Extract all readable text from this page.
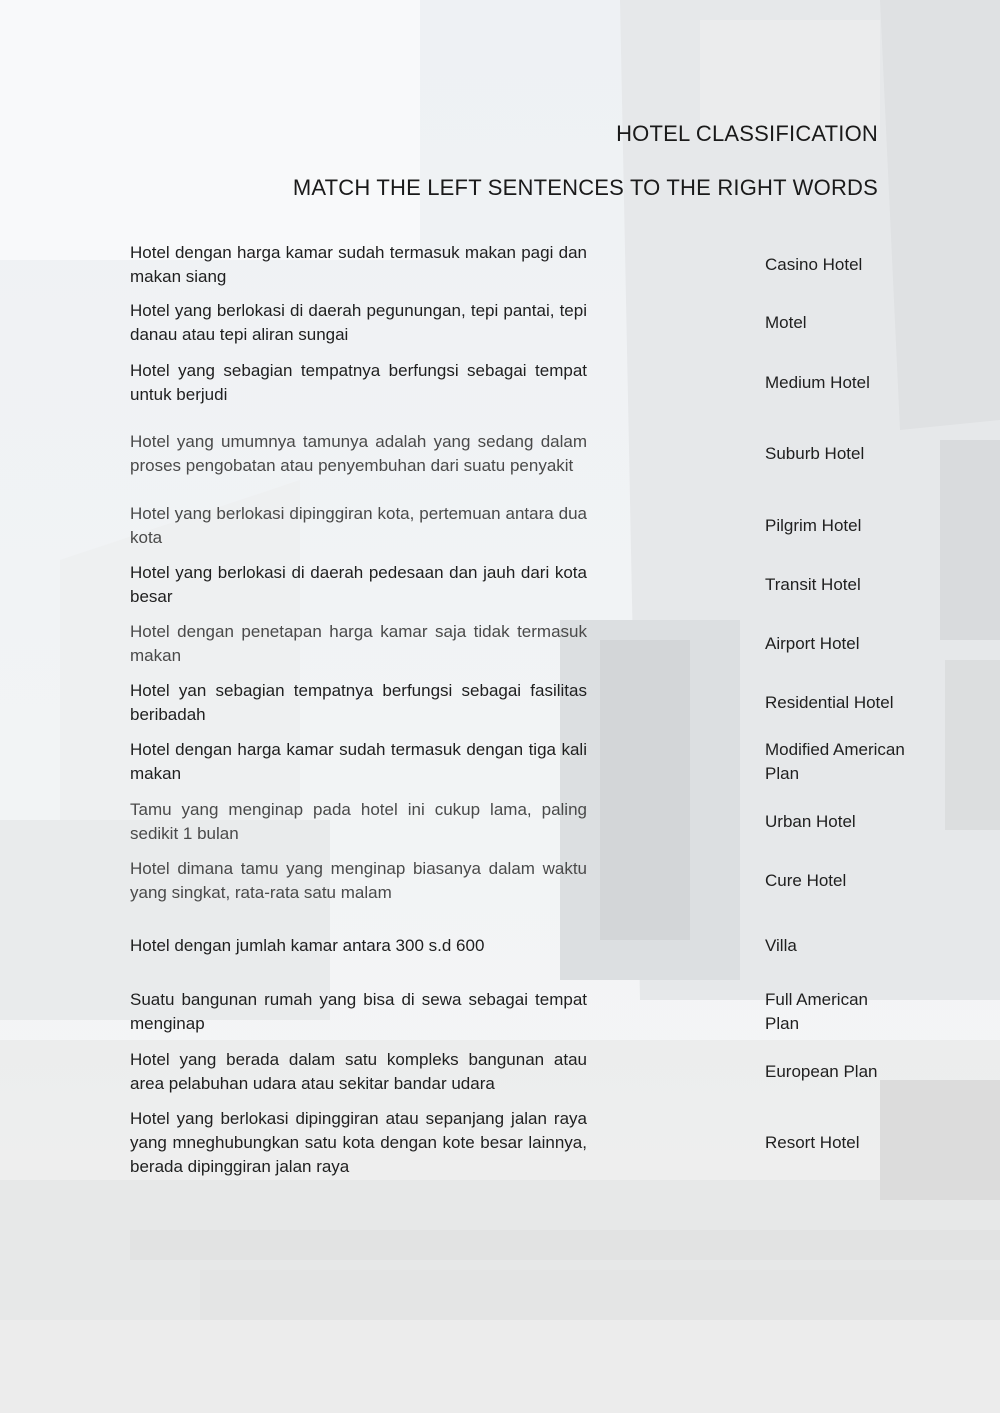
HOTEL CLASSIFICATION
MATCH THE LEFT SENTENCES TO THE RIGHT WORDS
Hotel dengan harga kamar sudah termasuk makan pagi dan makan siang
Casino Hotel
Hotel yang berlokasi di daerah pegunungan, tepi pantai, tepi danau atau tepi aliran sungai
Motel
Hotel yang sebagian tempatnya berfungsi sebagai tempat untuk berjudi
Medium Hotel
Hotel yang umumnya tamunya adalah yang sedang dalam proses pengobatan atau penyembuhan dari suatu penyakit
Suburb Hotel
Hotel yang berlokasi dipinggiran kota, pertemuan antara dua kota
Pilgrim Hotel
Hotel yang berlokasi di daerah pedesaan dan jauh dari kota besar
Transit Hotel
Hotel dengan penetapan harga kamar saja tidak termasuk makan
Airport Hotel
Hotel yan sebagian tempatnya berfungsi sebagai fasilitas beribadah
Residential Hotel
Hotel dengan harga kamar sudah termasuk dengan tiga kali makan
Modified American Plan
Tamu yang menginap pada hotel ini cukup lama, paling sedikit 1 bulan
Urban Hotel
Hotel dimana tamu yang menginap biasanya dalam waktu yang singkat, rata-rata satu malam
Cure Hotel
Hotel dengan jumlah kamar antara 300 s.d 600	Villa
Suatu bangunan rumah yang bisa di sewa sebagai tempat menginap
Full American Plan
Hotel yang berada dalam satu kompleks bangunan atau area pelabuhan udara atau sekitar bandar udara
European Plan
Hotel yang berlokasi dipinggiran atau sepanjang jalan raya yang mneghubungkan satu kota dengan kote besar lainnya, berada dipinggiran jalan raya
Resort Hotel
